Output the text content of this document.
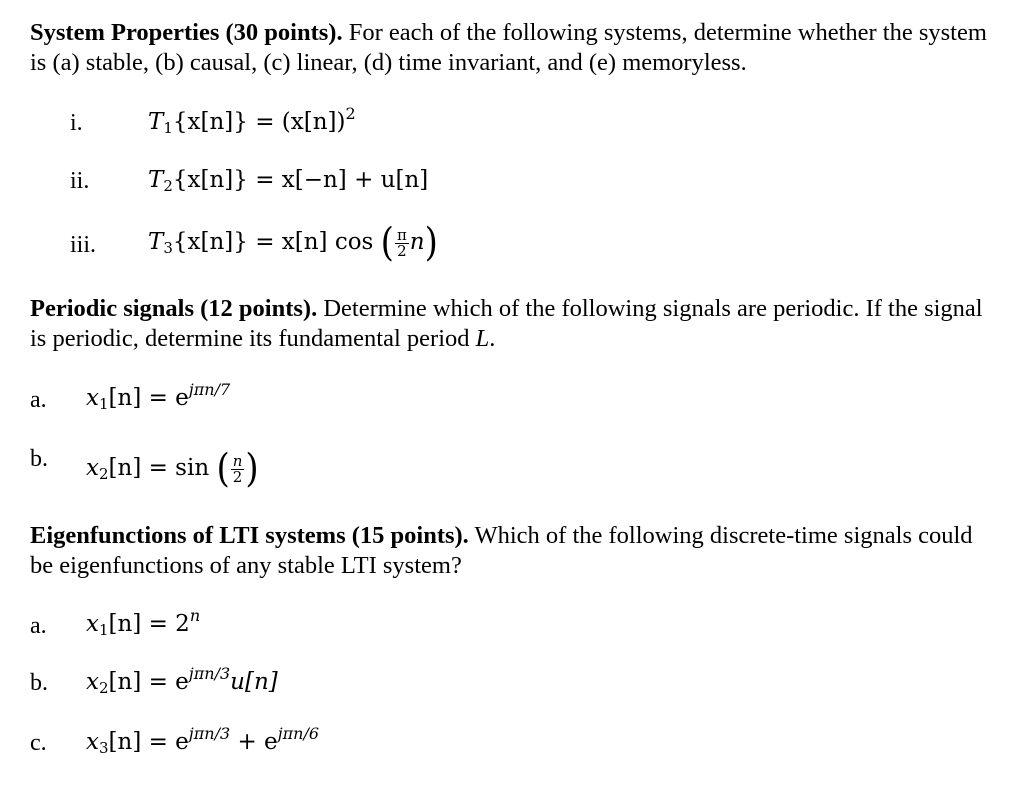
System Properties (30 points). For each of the following systems, determine whether the system is (a) stable, (b) causal, (c) linear, (d) time invariant, and (e) memoryless.
i.	$T_1\{x[n]\} = (x[n])^2$
ii.	$T_2\{x[n]\} = x[-n] + u[n]$
iii. $T_3\{x[n]\} = x[n]$ cos ( $\frac{\pi}{2} n$)
Periodic signals (12 points). Determine which of the following signals are periodic. If the signal is periodic, determine its fundamental period L.
a. $x_1[n] = e^{j\pi n/7}$
b. $x_2[n] = \sin$ ( $\frac{n}{2}$ )
Eigenfunctions of LTI systems (15 points). Which of the following discrete-time signals could be eigenfunctions of any stable LTI system?
a. $x_1[n] = 2^n$
b. $x_2[n] = e^{j\pi n/3}u[n]$
c. $x_3[n] = e^{j\pi n/3} + e^{j\pi n/6}$
